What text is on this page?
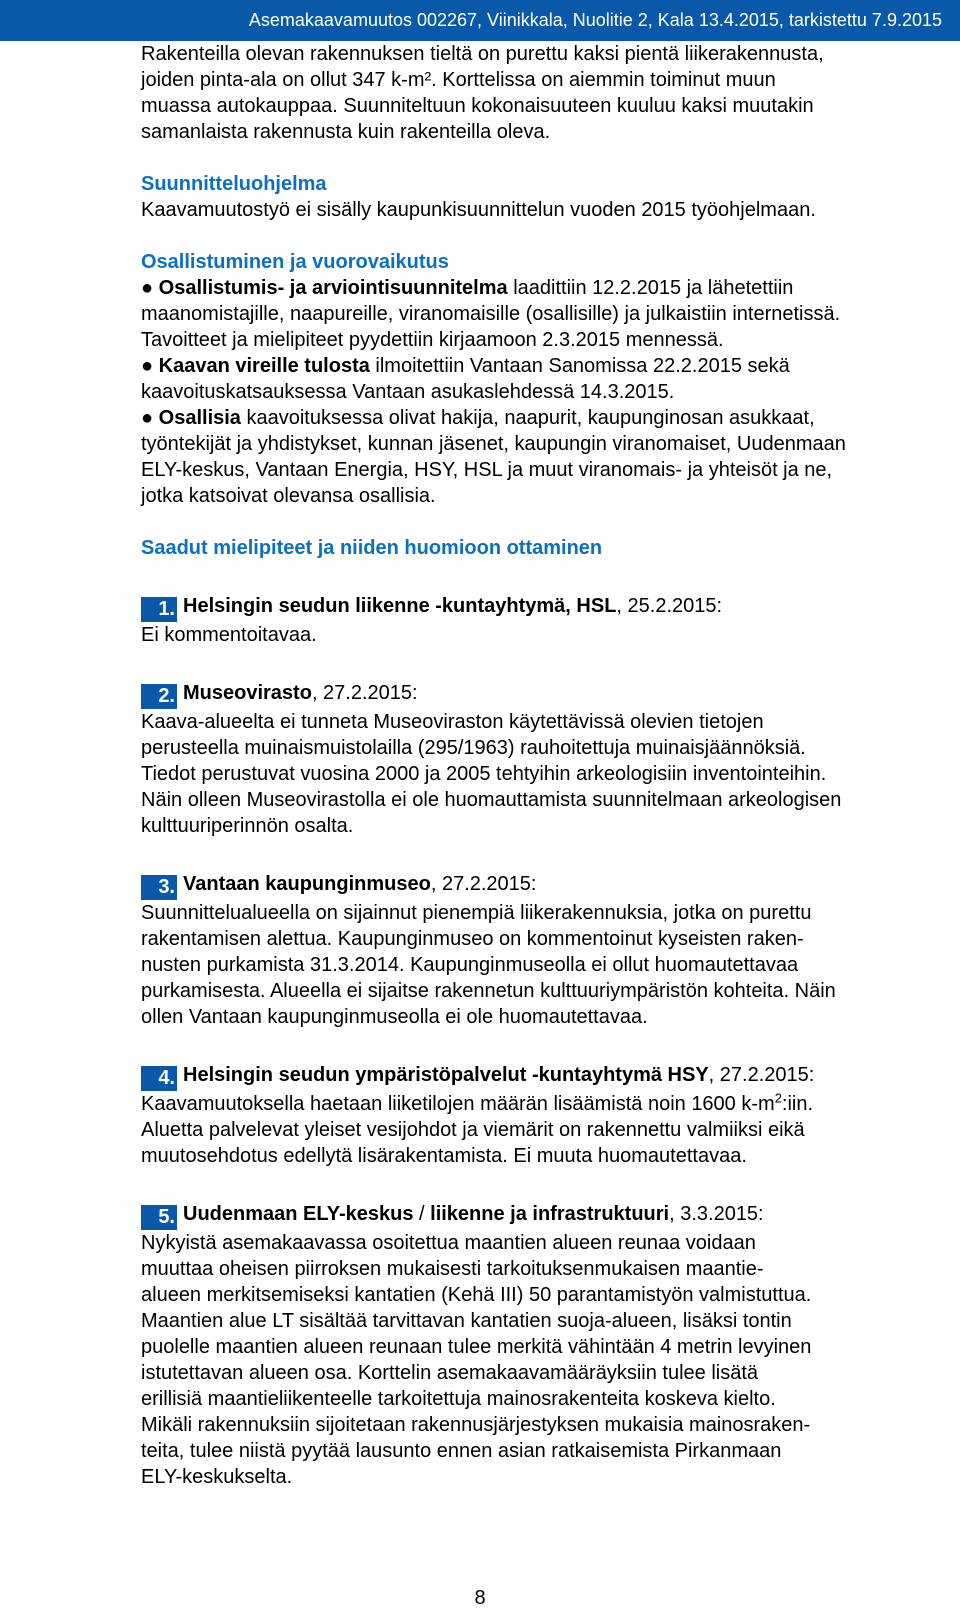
Asemakaavamuutos 002267, Viinikkala, Nuolitie 2, Kala 13.4.2015, tarkistettu 7.9.2015

Rakenteilla olevan rakennuksen tieltä on purettu kaksi pientä liikerakennusta,

joiden pinta-ala on ollut 347 k-m². Korttelissa on aiemmin toiminut muun

muassa autokauppaa. Suunniteltuun kokonaisuuteen kuuluu kaksi muutakin

samanlaista rakennusta kuin rakenteilla oleva.

Suunnitteluohjelma

Kaavamuutostyö ei sisälly kaupunkisuunnittelun vuoden 2015 työohjelmaan.

Osallistuminen ja vuorovaikutus

● Osallistumis- ja arviointisuunnitelma laadittiin 12.2.2015 ja lähetettiin

maanomistajille, naapureille, viranomaisille (osallisille) ja julkaistiin internetissä.

Tavoitteet ja mielipiteet pyydettiin kirjaamoon 2.3.2015 mennessä.

● Kaavan vireille tulosta ilmoitettiin Vantaan Sanomissa 22.2.2015 sekä

kaavoituskatsauksessa Vantaan asukaslehdessä 14.3.2015.

● Osallisia kaavoituksessa olivat hakija, naapurit, kaupunginosan asukkaat,

työntekijät ja yhdistykset, kunnan jäsenet, kaupungin viranomaiset, Uudenmaan

ELY-keskus, Vantaan Energia, HSY, HSL ja muut viranomais- ja yhteisöt ja ne,

jotka katsoivat olevansa osallisia.

Saadut mielipiteet ja niiden huomioon ottaminen

1. Helsingin seudun liikenne -kuntayhtymä, HSL, 25.2.2015:

Ei kommentoitavaa.

2. Museovirasto, 27.2.2015:

Kaava-alueelta ei tunneta Museoviraston käytettävissä olevien tietojen

perusteella muinaismuistolailla (295/1963) rauhoitettuja muinaisjäännöksiä.

Tiedot perustuvat vuosina 2000 ja 2005 tehtyihin arkeologisiin inventointeihin.

Näin olleen Museovirastolla ei ole huomauttamista suunnitelmaan arkeologisen

kulttuuriperinnön osalta.

3. Vantaan kaupunginmuseo, 27.2.2015:

Suunnittelualueella on sijainnut pienempiä liikerakennuksia, jotka on purettu

rakentamisen alettua. Kaupunginmuseo on kommentoinut kyseisten raken-

nusten purkamista 31.3.2014. Kaupunginmuseolla ei ollut huomautettavaa

purkamisesta. Alueella ei sijaitse rakennetun kulttuuriympäristön kohteita. Näin

ollen Vantaan kaupunginmuseolla ei ole huomautettavaa.

4. Helsingin seudun ympäristöpalvelut -kuntayhtymä HSY, 27.2.2015:

Kaavamuutoksella haetaan liiketilojen määrän lisäämistä noin 1600 $k-m^2:iin$.

Aluetta palvelevat yleiset vesijohdot ja viemärit on rakennettu valmiiksi eikä

muutosehdotus edellytä lisärakentamista. Ei muuta huomautettavaa.

5. Uudenmaan ELY-keskus / liikenne ja infrastruktuuri, 3.3.2015:

Nykyistä asemakaavassa osoitettua maantien alueen reunaa voidaan

muuttaa oheisen piirroksen mukaisesti tarkoituksenmukaisen maantie-

alueen merkitsemiseksi kantatien (Kehä III) 50 parantamistyön valmistuttua.

Maantien alue LT sisältää tarvittavan kantatien suoja-alueen, lisäksi tontin

puolelle maantien alueen reunaan tulee merkitä vähintään 4 metrin levyinen

istutettavan alueen osa. Korttelin asemakaavamääräyksiin tulee lisätä

erillisiä maantieliikenteelle tarkoitettuja mainosrakenteita koskeva kielto.

Mikäli rakennuksiin sijoitetaan rakennusjärjestyksen mukaisia mainosraken-

teita, tulee niistä pyytää lausunto ennen asian ratkaisemista Pirkanmaan

ELY-keskukselta.

8
